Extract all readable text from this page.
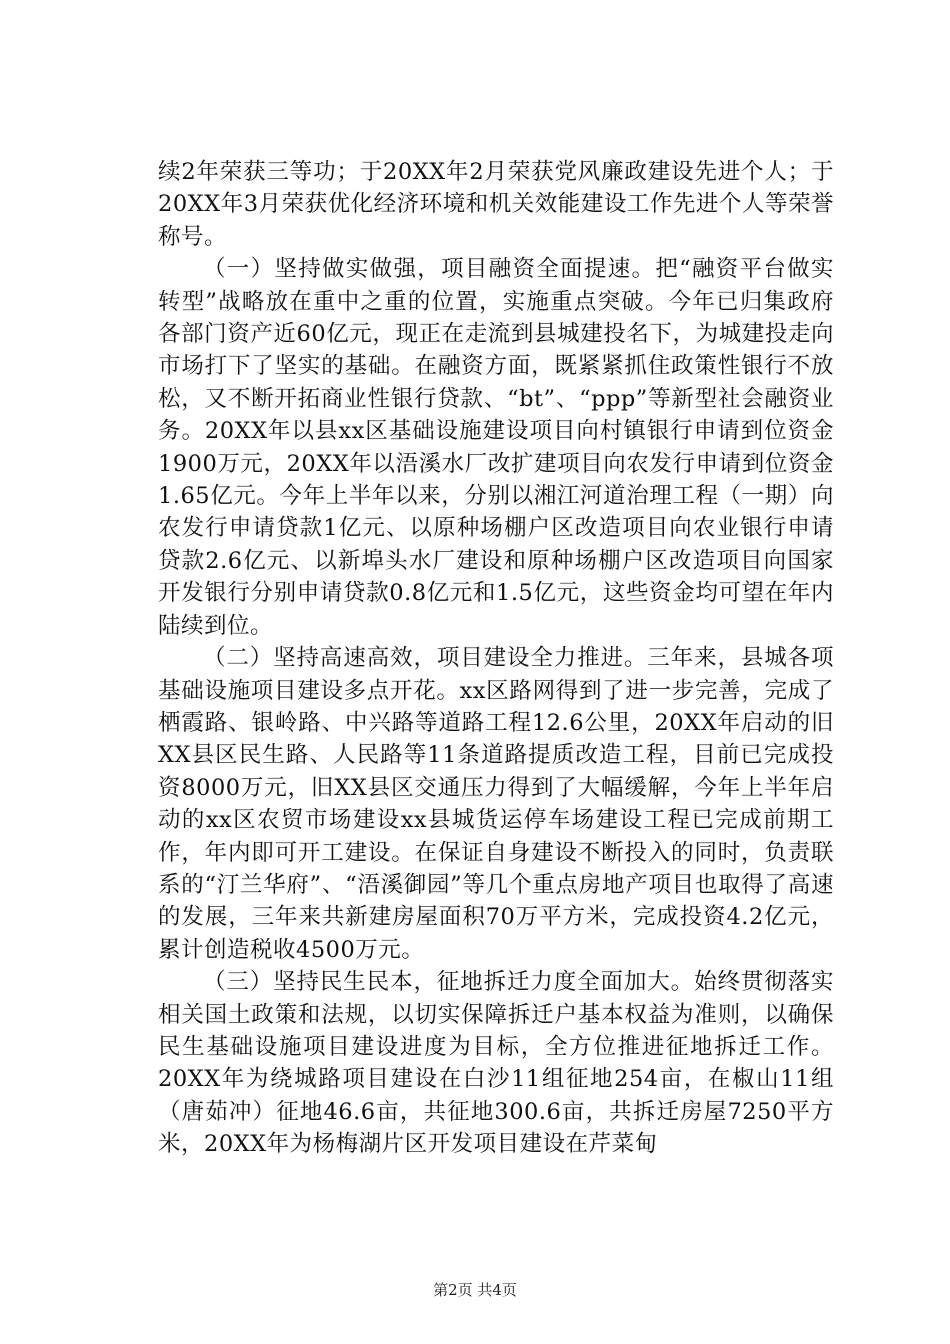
续2年荣获三等功；于20XX年2月荣获党风廉政建设先进个人；于20XX年3月荣获优化经济环境和机关效能建设工作先进个人等荣誉称号。

（一）坚持做实做强，项目融资全面提速。把“融资平台做实转型”战略放在重中之重的位置，实施重点突破。今年已归集政府各部门资产近60亿元，现正在走流到县城建投名下，为城建投走向市场打下了坚实的基础。在融资方面，既紧紧抓住政策性银行不放松，又不断开拓商业性银行贷款、“bt”、“ppp”等新型社会融资业务。20XX年以县xx区基础设施建设项目向村镇银行申请到位资金1900万元，20XX年以浯溪水厂改扩建项目向农发行申请到位资金1.65亿元。今年上半年以来，分别以湘江河道治理工程（一期）向农发行申请贷款1亿元、以原种场棚户区改造项目向农业银行申请贷款2.6亿元、以新埠头水厂建设和原种场棚户区改造项目向国家开发银行分别申请贷款0.8亿元和1.5亿元，这些资金均可望在年内陆续到位。

（二）坚持高速高效，项目建设全力推进。三年来，县城各项基础设施项目建设多点开花。xx区路网得到了进一步完善，完成了栖霞路、银岭路、中兴路等道路工程12.6公里，20XX年启动的旧XX县区民生路、人民路等11条道路提质改造工程，目前已完成投资8000万元，旧XX县区交通压力得到了大幅缓解，今年上半年启动的xx区农贸市场建设xx县城货运停车场建设工程已完成前期工作，年内即可开工建设。在保证自身建设不断投入的同时，负责联系的“汀兰华府”、“浯溪御园”等几个重点房地产项目也取得了高速的发展，三年来共新建房屋面积70万平方米，完成投资4.2亿元，累计创造税收4500万元。

（三）坚持民生民本，征地拆迁力度全面加大。始终贯彻落实相关国土政策和法规，以切实保障拆迁户基本权益为准则，以确保民生基础设施项目建设进度为目标，全方位推进征地拆迁工作。20XX年为绕城路项目建设在白沙11组征地254亩，在椒山11组（唐茹冲）征地46.6亩，共征地300.6亩，共拆迁房屋7250平方米，20XX年为杨梅湖片区开发项目建设在芹菜甸

第2页 共4页
